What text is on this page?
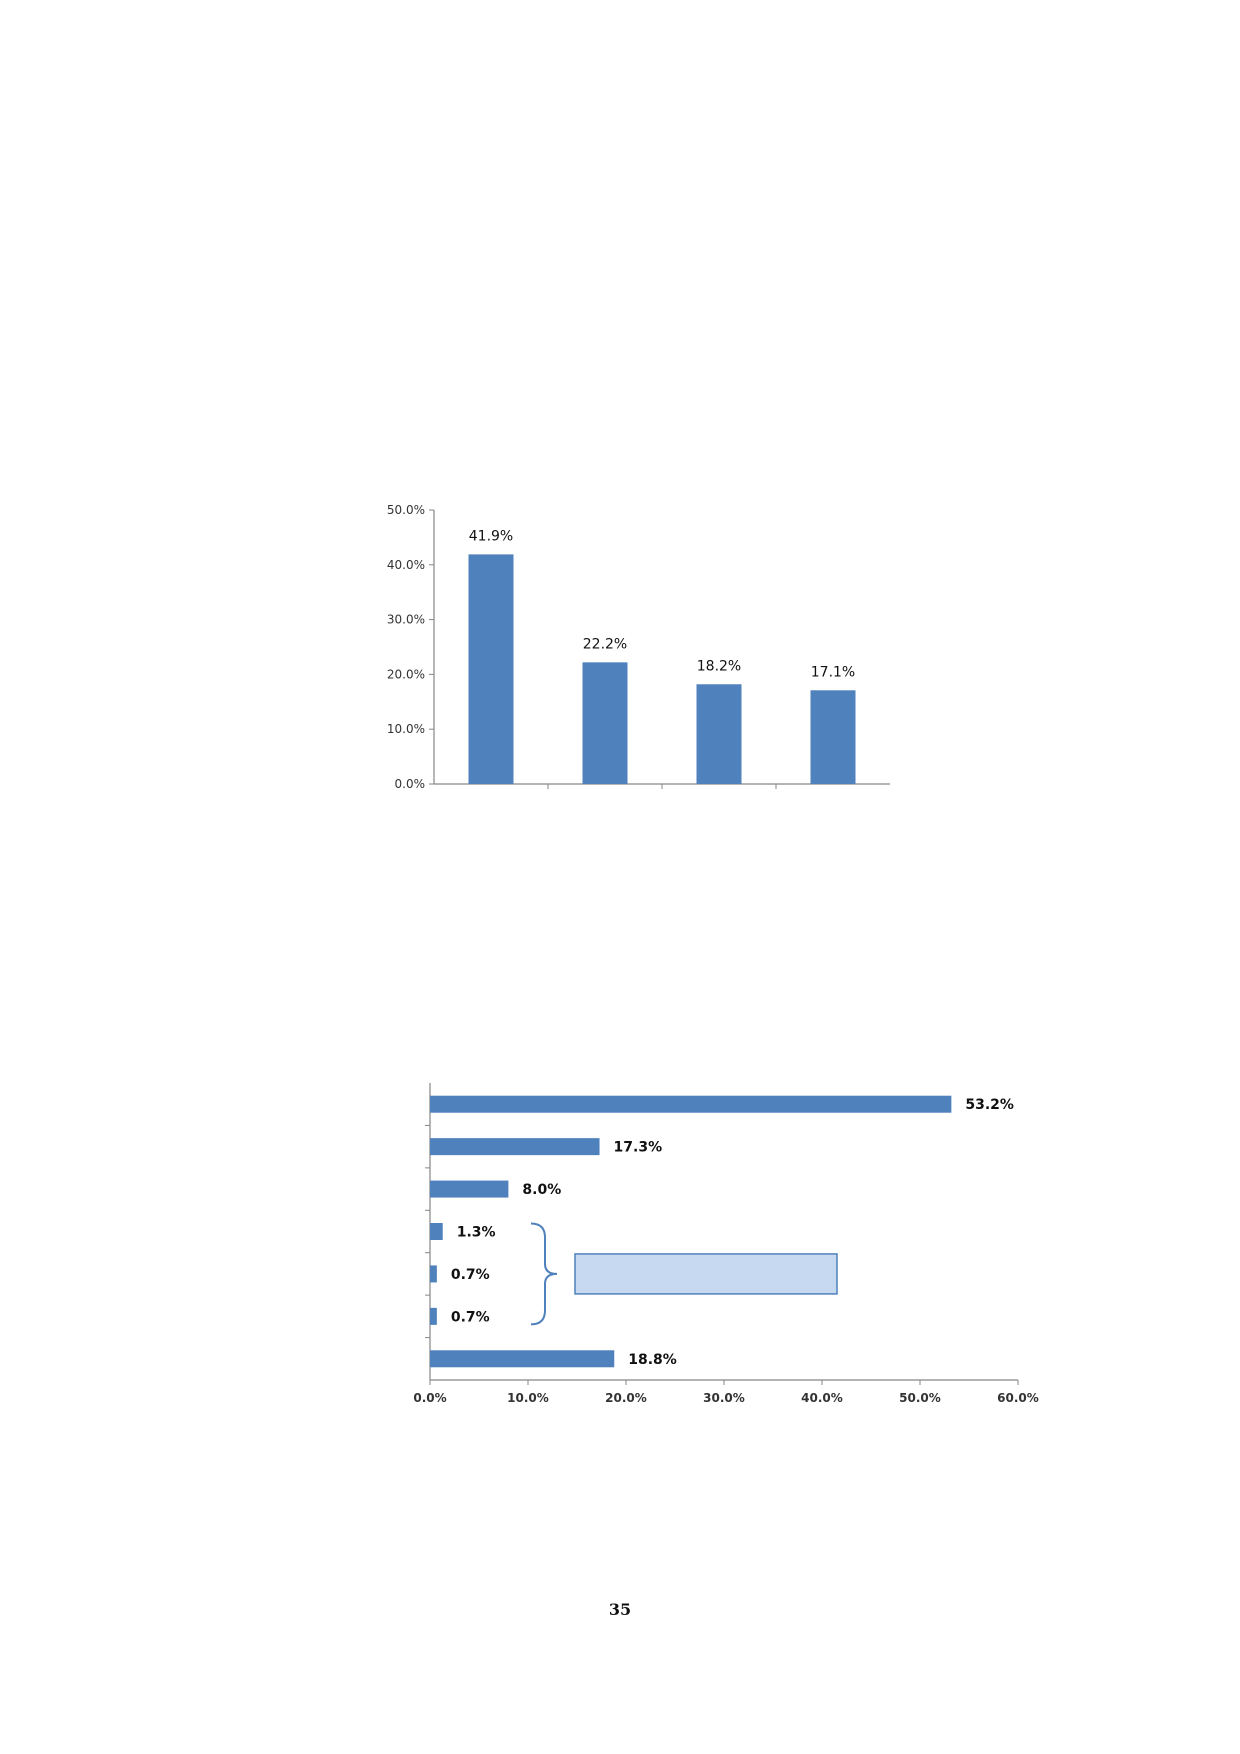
0.0%
10.0%
20.0%
30.0%
40.0%
50.0%
41.9%
22.2%
18.2%	17.1%
0.0%	10.0%	20.0%	30.0%	40.0%	50.0%	60.0%
53.2%
17.3%
8.0%
1.3%
0.7%
0.7%
18.8%
35
